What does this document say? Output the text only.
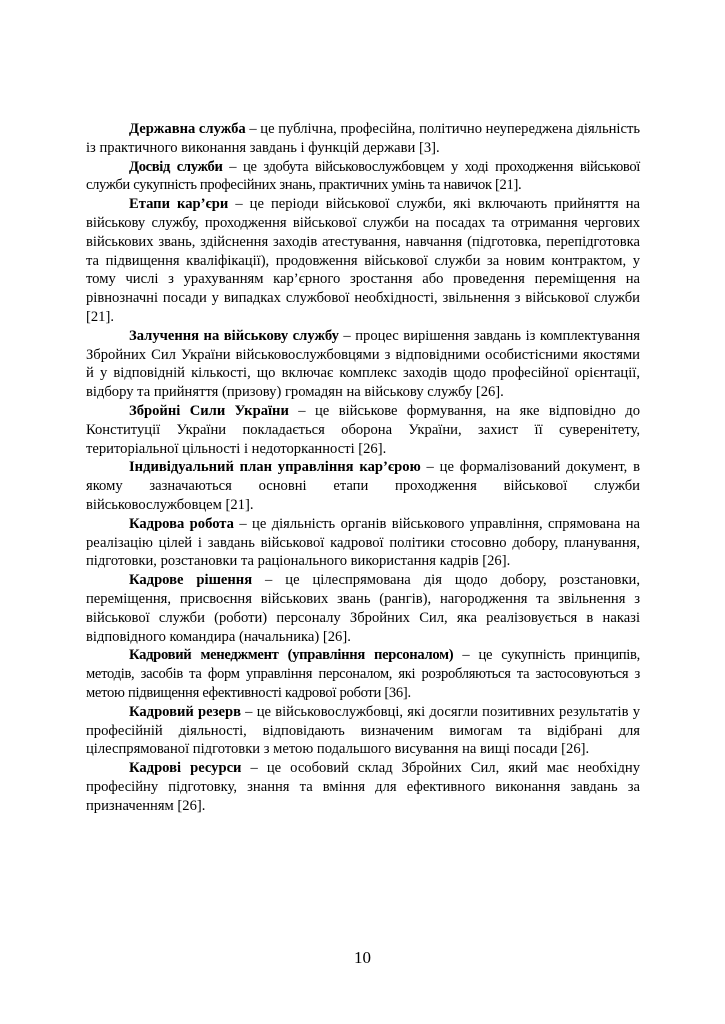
Державна служба – це публічна, професійна, політично неупереджена діяльність із практичного виконання завдань і функцій держави [3].

Досвід служби – це здобута військовослужбовцем у ході проходження військової служби сукупність професійних знань, практичних умінь та навичок [21].

Етапи кар’єри – це періоди військової служби, які включають прийняття на військову службу, проходження військової служби на посадах та отримання чергових військових звань, здійснення заходів атестування, навчання (підготовка, перепідготовка та підвищення кваліфікації), продовження військової служби за новим контрактом, у тому числі з урахуванням кар’єрного зростання або проведення переміщення на рівнозначні посади у випадках службової необхідності, звільнення з військової служби [21].

Залучення на військову службу – процес вирішення завдань із комплектування Збройних Сил України військовослужбовцями з відповідними особистісними якостями й у відповідній кількості, що включає комплекс заходів щодо професійної орієнтації, відбору та прийняття (призову) громадян на військову службу [26].

Збройні Сили України – це військове формування, на яке відповідно до Конституції України покладається оборона України, захист її суверенітету, територіальної цільності і недоторканності [26].

Індивідуальний план управління кар’єрою – це формалізований документ, в якому зазначаються основні етапи проходження військової служби військовослужбовцем [21].

Кадрова робота – це діяльність органів військового управління, спрямована на реалізацію цілей і завдань військової кадрової політики стосовно добору, планування, підготовки, розстановки та раціонального використання кадрів [26].

Кадрове рішення – це цілеспрямована дія щодо добору, розстановки, переміщення, присвоєння військових звань (рангів), нагородження та звільнення з військової служби (роботи) персоналу Збройних Сил, яка реалізовується в наказі відповідного командира (начальника) [26].

Кадровий менеджмент (управління персоналом) – це сукупність принципів, методів, засобів та форм управління персоналом, які розробляються та застосовуються з метою підвищення ефективності кадрової роботи [36].

Кадровий резерв – це військовослужбовці, які досягли позитивних результатів у професійній діяльності, відповідають визначеним вимогам та відібрані для цілеспрямованої підготовки з метою подальшого висування на вищі посади [26].

Кадрові ресурси – це особовий склад Збройних Сил, який має необхідну професійну підготовку, знання та вміння для ефективного виконання завдань за призначенням [26].

10
